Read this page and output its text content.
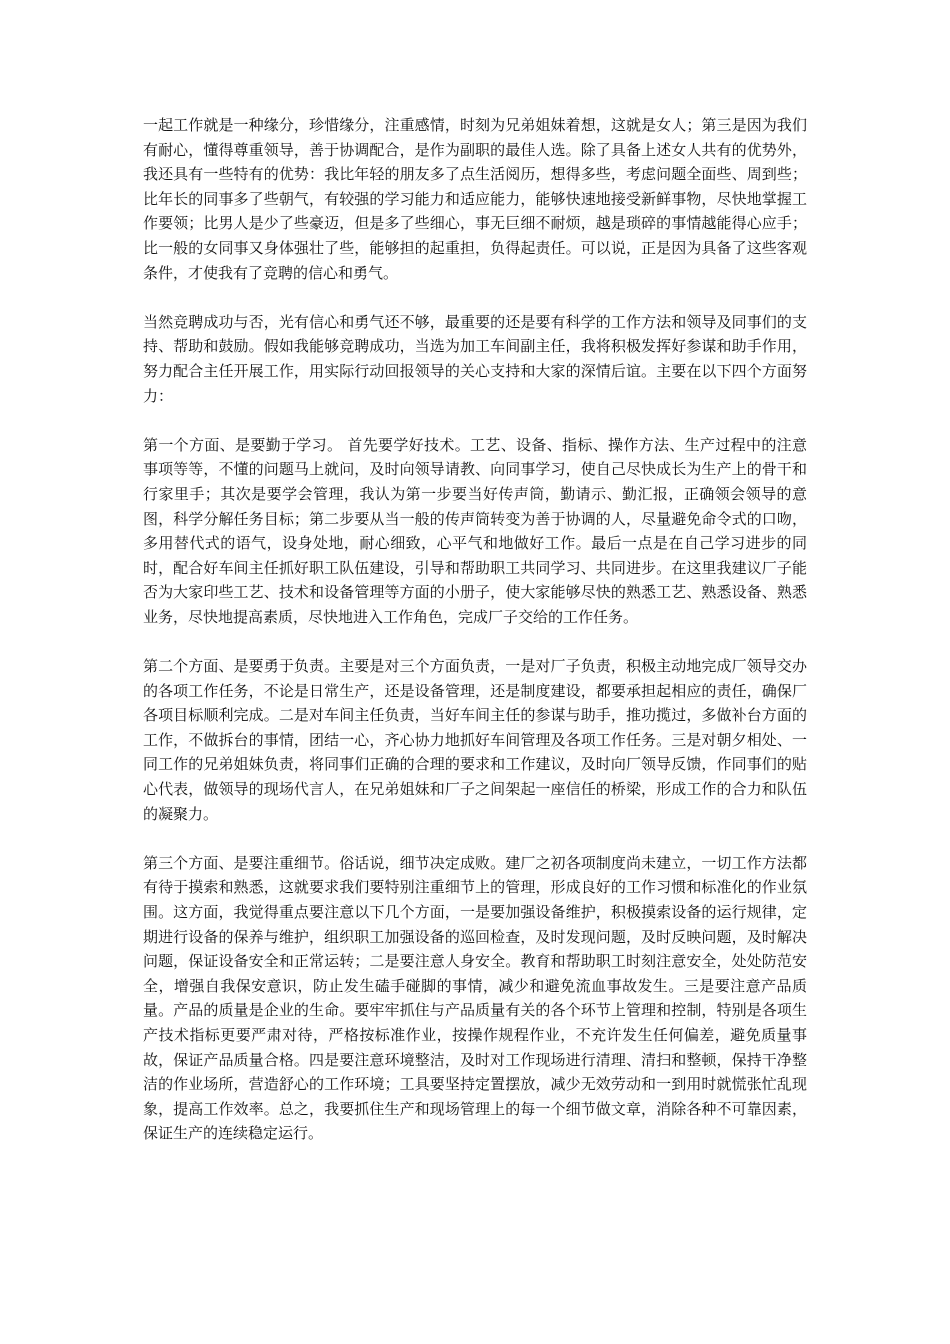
一起工作就是一种缘分，珍惜缘分，注重感情，时刻为兄弟姐妹着想，这就是女人；第三是因为我们有耐心，懂得尊重领导，善于协调配合，是作为副职的最佳人选。除了具备上述女人共有的优势外，我还具有一些特有的优势：我比年轻的朋友多了点生活阅历，想得多些，考虑问题全面些、周到些；比年长的同事多了些朝气，有较强的学习能力和适应能力，能够快速地接受新鲜事物，尽快地掌握工作要领；比男人是少了些豪迈，但是多了些细心，事无巨细不耐烦，越是琐碎的事情越能得心应手；比一般的女同事又身体强壮了些，能够担的起重担，负得起责任。可以说，正是因为具备了这些客观条件，才使我有了竞聘的信心和勇气。

当然竞聘成功与否，光有信心和勇气还不够，最重要的还是要有科学的工作方法和领导及同事们的支持、帮助和鼓励。假如我能够竞聘成功，当选为加工车间副主任，我将积极发挥好参谋和助手作用，努力配合主任开展工作，用实际行动回报领导的关心支持和大家的深情后谊。主要在以下四个方面努力：

第一个方面、是要勤于学习。 首先要学好技术。工艺、设备、指标、操作方法、生产过程中的注意事项等等，不懂的问题马上就问，及时向领导请教、向同事学习，使自己尽快成长为生产上的骨干和行家里手；其次是要学会管理，我认为第一步要当好传声筒，勤请示、勤汇报，正确领会领导的意图，科学分解任务目标；第二步要从当一般的传声筒转变为善于协调的人，尽量避免命令式的口吻，多用替代式的语气，设身处地，耐心细致，心平气和地做好工作。最后一点是在自己学习进步的同时，配合好车间主任抓好职工队伍建设，引导和帮助职工共同学习、共同进步。在这里我建议厂子能否为大家印些工艺、技术和设备管理等方面的小册子，使大家能够尽快的熟悉工艺、熟悉设备、熟悉业务，尽快地提高素质，尽快地进入工作角色，完成厂子交给的工作任务。

第二个方面、是要勇于负责。主要是对三个方面负责，一是对厂子负责，积极主动地完成厂领导交办的各项工作任务，不论是日常生产，还是设备管理，还是制度建设，都要承担起相应的责任，确保厂各项目标顺利完成。二是对车间主任负责，当好车间主任的参谋与助手，推功揽过，多做补台方面的工作，不做拆台的事情，团结一心，齐心协力地抓好车间管理及各项工作任务。三是对朝夕相处、一同工作的兄弟姐妹负责，将同事们正确的合理的要求和工作建议，及时向厂领导反馈，作同事们的贴心代表，做领导的现场代言人，在兄弟姐妹和厂子之间架起一座信任的桥梁，形成工作的合力和队伍的凝聚力。

第三个方面、是要注重细节。俗话说，细节决定成败。建厂之初各项制度尚未建立，一切工作方法都有待于摸索和熟悉，这就要求我们要特别注重细节上的管理，形成良好的工作习惯和标准化的作业氛围。这方面，我觉得重点要注意以下几个方面，一是要加强设备维护，积极摸索设备的运行规律，定期进行设备的保养与维护，组织职工加强设备的巡回检查，及时发现问题，及时反映问题，及时解决问题，保证设备安全和正常运转；二是要注意人身安全。教育和帮助职工时刻注意安全，处处防范安全，增强自我保安意识，防止发生磕手碰脚的事情，减少和避免流血事故发生。三是要注意产品质量。产品的质量是企业的生命。要牢牢抓住与产品质量有关的各个环节上管理和控制，特别是各项生产技术指标更要严肃对待，严格按标准作业，按操作规程作业，不充许发生任何偏差，避免质量事故，保证产品质量合格。四是要注意环境整洁，及时对工作现场进行清理、清扫和整顿，保持干净整洁的作业场所，营造舒心的工作环境；工具要坚持定置摆放，减少无效劳动和一到用时就慌张忙乱现象，提高工作效率。总之，我要抓住生产和现场管理上的每一个细节做文章，消除各种不可靠因素，保证生产的连续稳定运行。
